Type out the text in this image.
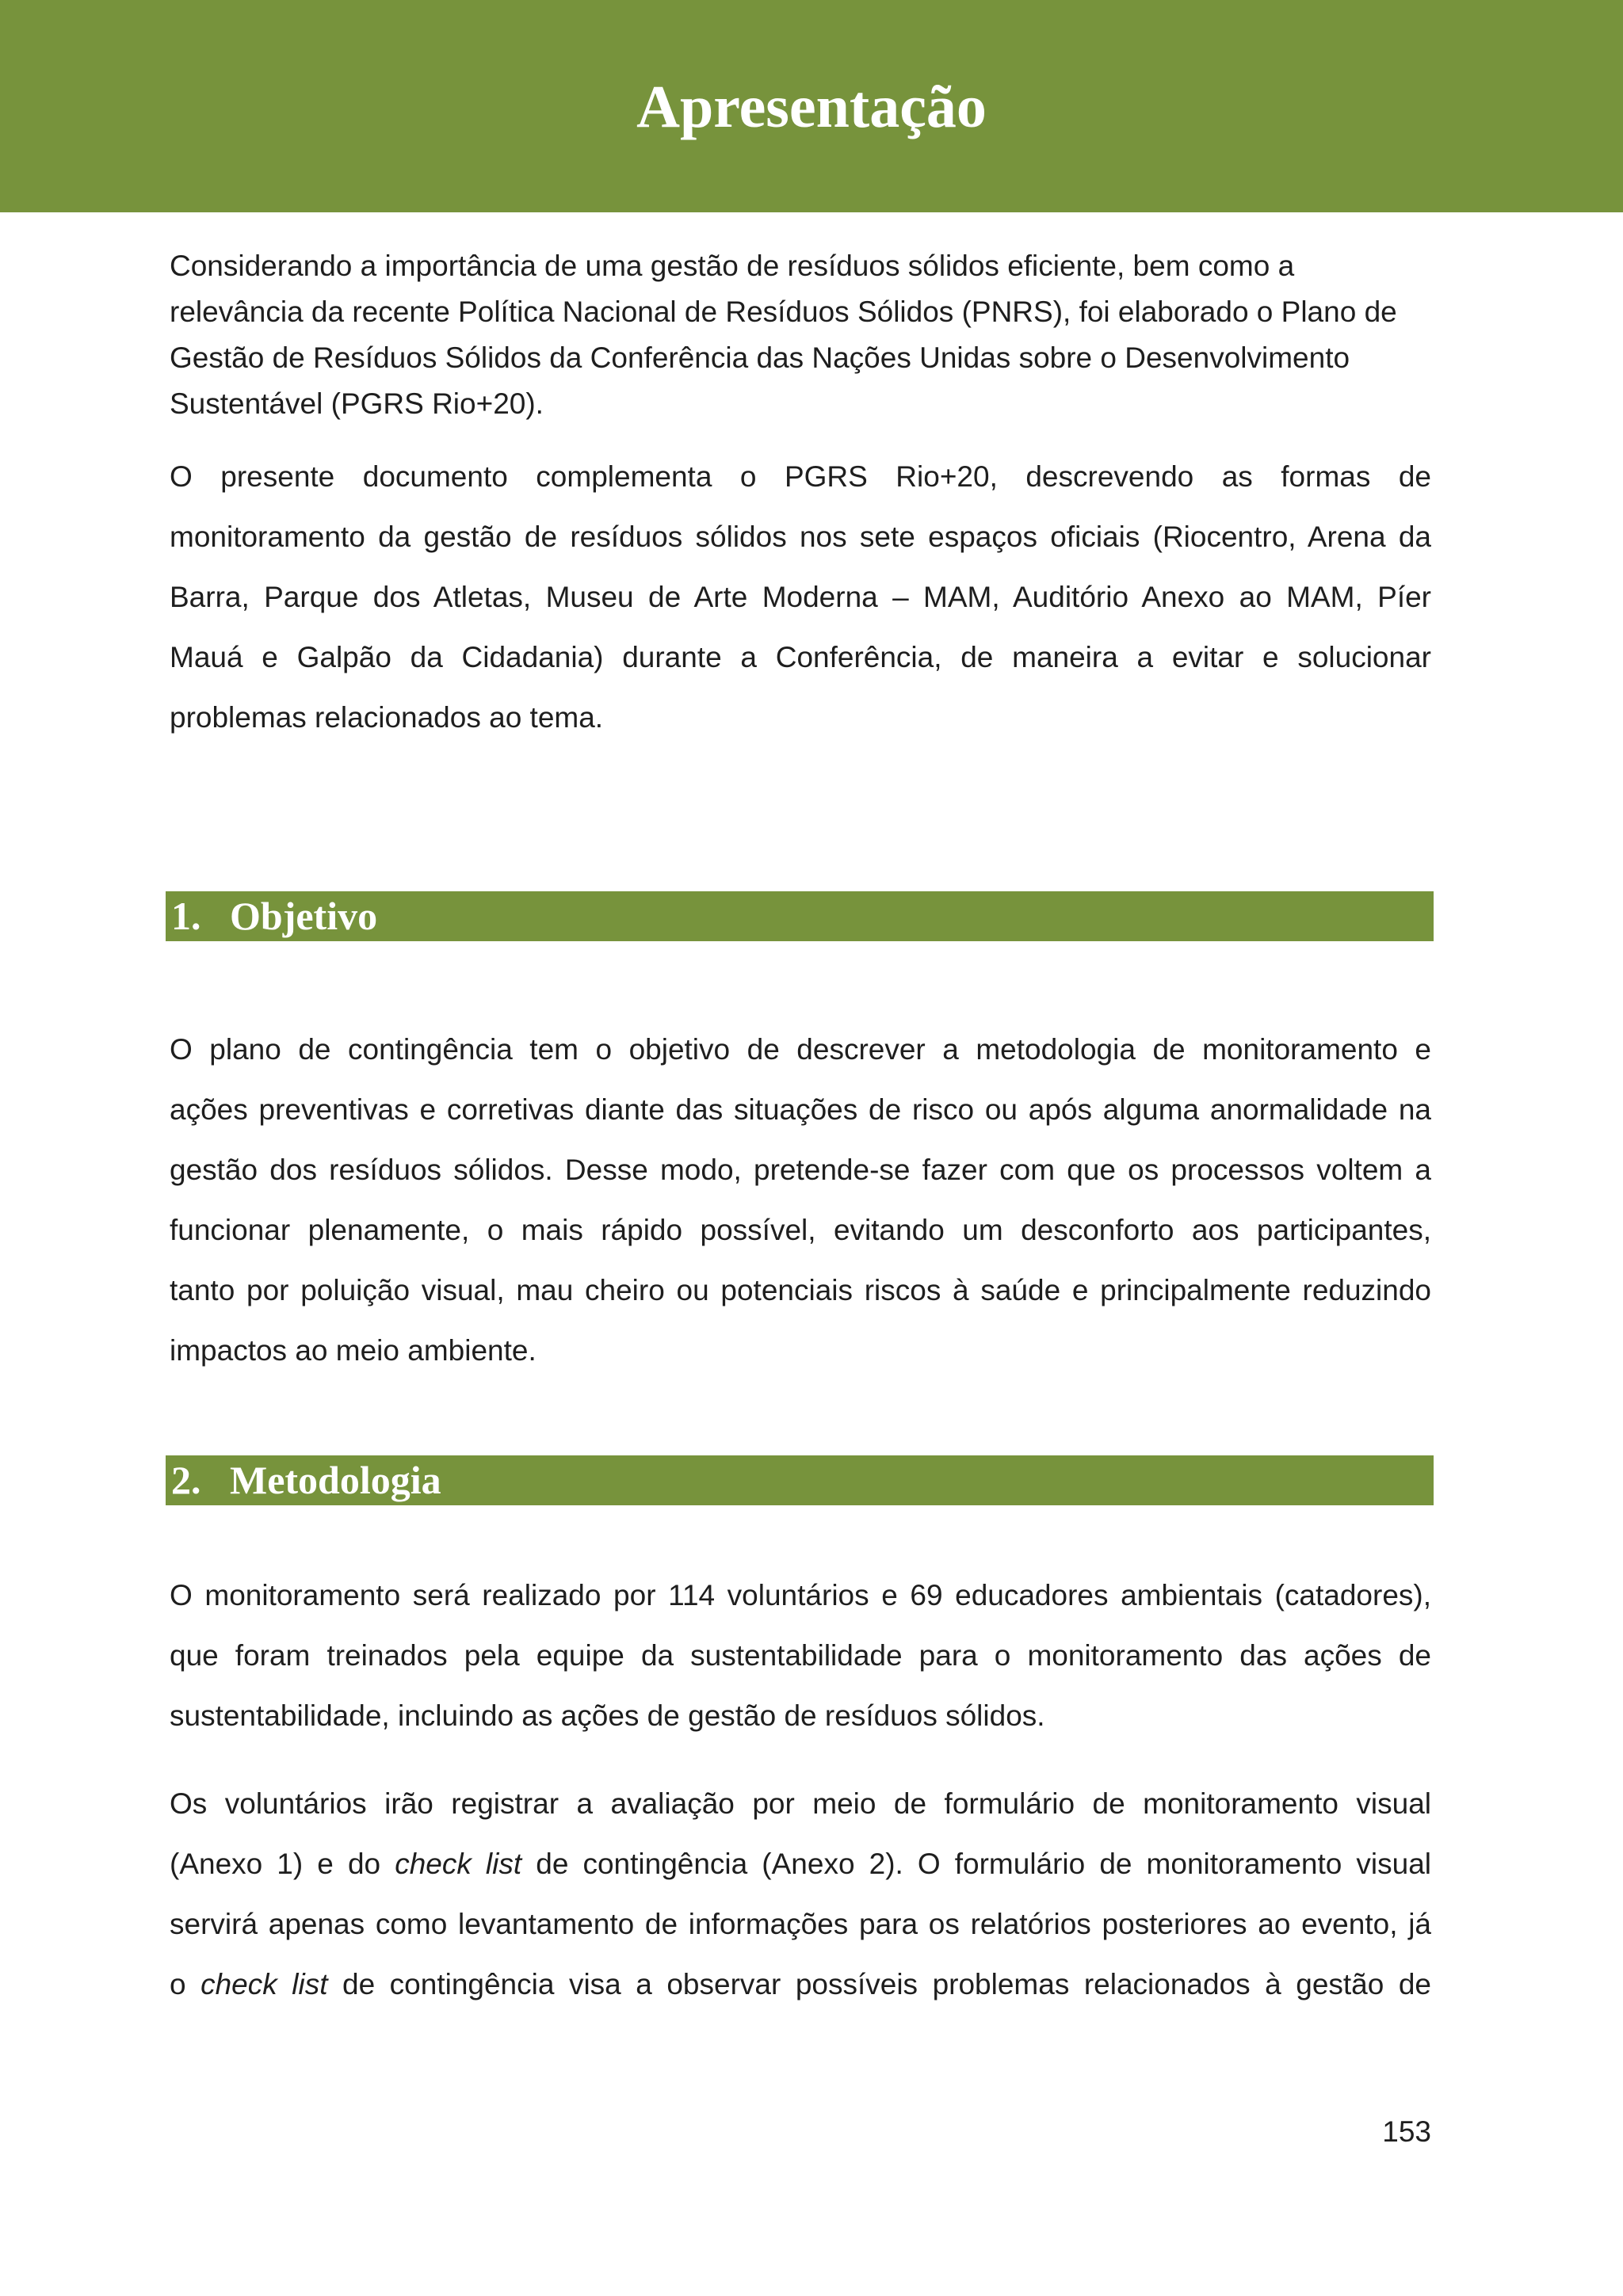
Apresentação
Considerando a importância de uma gestão de resíduos sólidos eficiente, bem como a
relevância da recente Política Nacional de Resíduos Sólidos (PNRS), foi elaborado o Plano de
Gestão de Resíduos Sólidos da Conferência das Nações Unidas sobre o Desenvolvimento
Sustentável (PGRS Rio+20).
O presente documento complementa o PGRS Rio+20, descrevendo as formas de
monitoramento da gestão de resíduos sólidos nos sete espaços oficiais (Riocentro, Arena da
Barra, Parque dos Atletas, Museu de Arte Moderna – MAM, Auditório Anexo ao MAM, Píer
Mauá e Galpão da Cidadania) durante a Conferência, de maneira a evitar e solucionar
problemas relacionados ao tema.
1. Objetivo
O plano de contingência tem o objetivo de descrever a metodologia de monitoramento e
ações preventivas e corretivas diante das situações de risco ou após alguma anormalidade na
gestão dos resíduos sólidos. Desse modo, pretende-se fazer com que os processos voltem a
funcionar plenamente, o mais rápido possível, evitando um desconforto aos participantes,
tanto por poluição visual, mau cheiro ou potenciais riscos à saúde e principalmente reduzindo
impactos ao meio ambiente.
2. Metodologia
O monitoramento será realizado por 114 voluntários e 69 educadores ambientais (catadores),
que foram treinados pela equipe da sustentabilidade para o monitoramento das ações de
sustentabilidade, incluindo as ações de gestão de resíduos sólidos.
Os voluntários irão registrar a avaliação por meio de formulário de monitoramento visual
(Anexo 1) e do check list de contingência (Anexo 2). O formulário de monitoramento visual
servirá apenas como levantamento de informações para os relatórios posteriores ao evento, já
o check list de contingência visa a observar possíveis problemas relacionados à gestão de
153
